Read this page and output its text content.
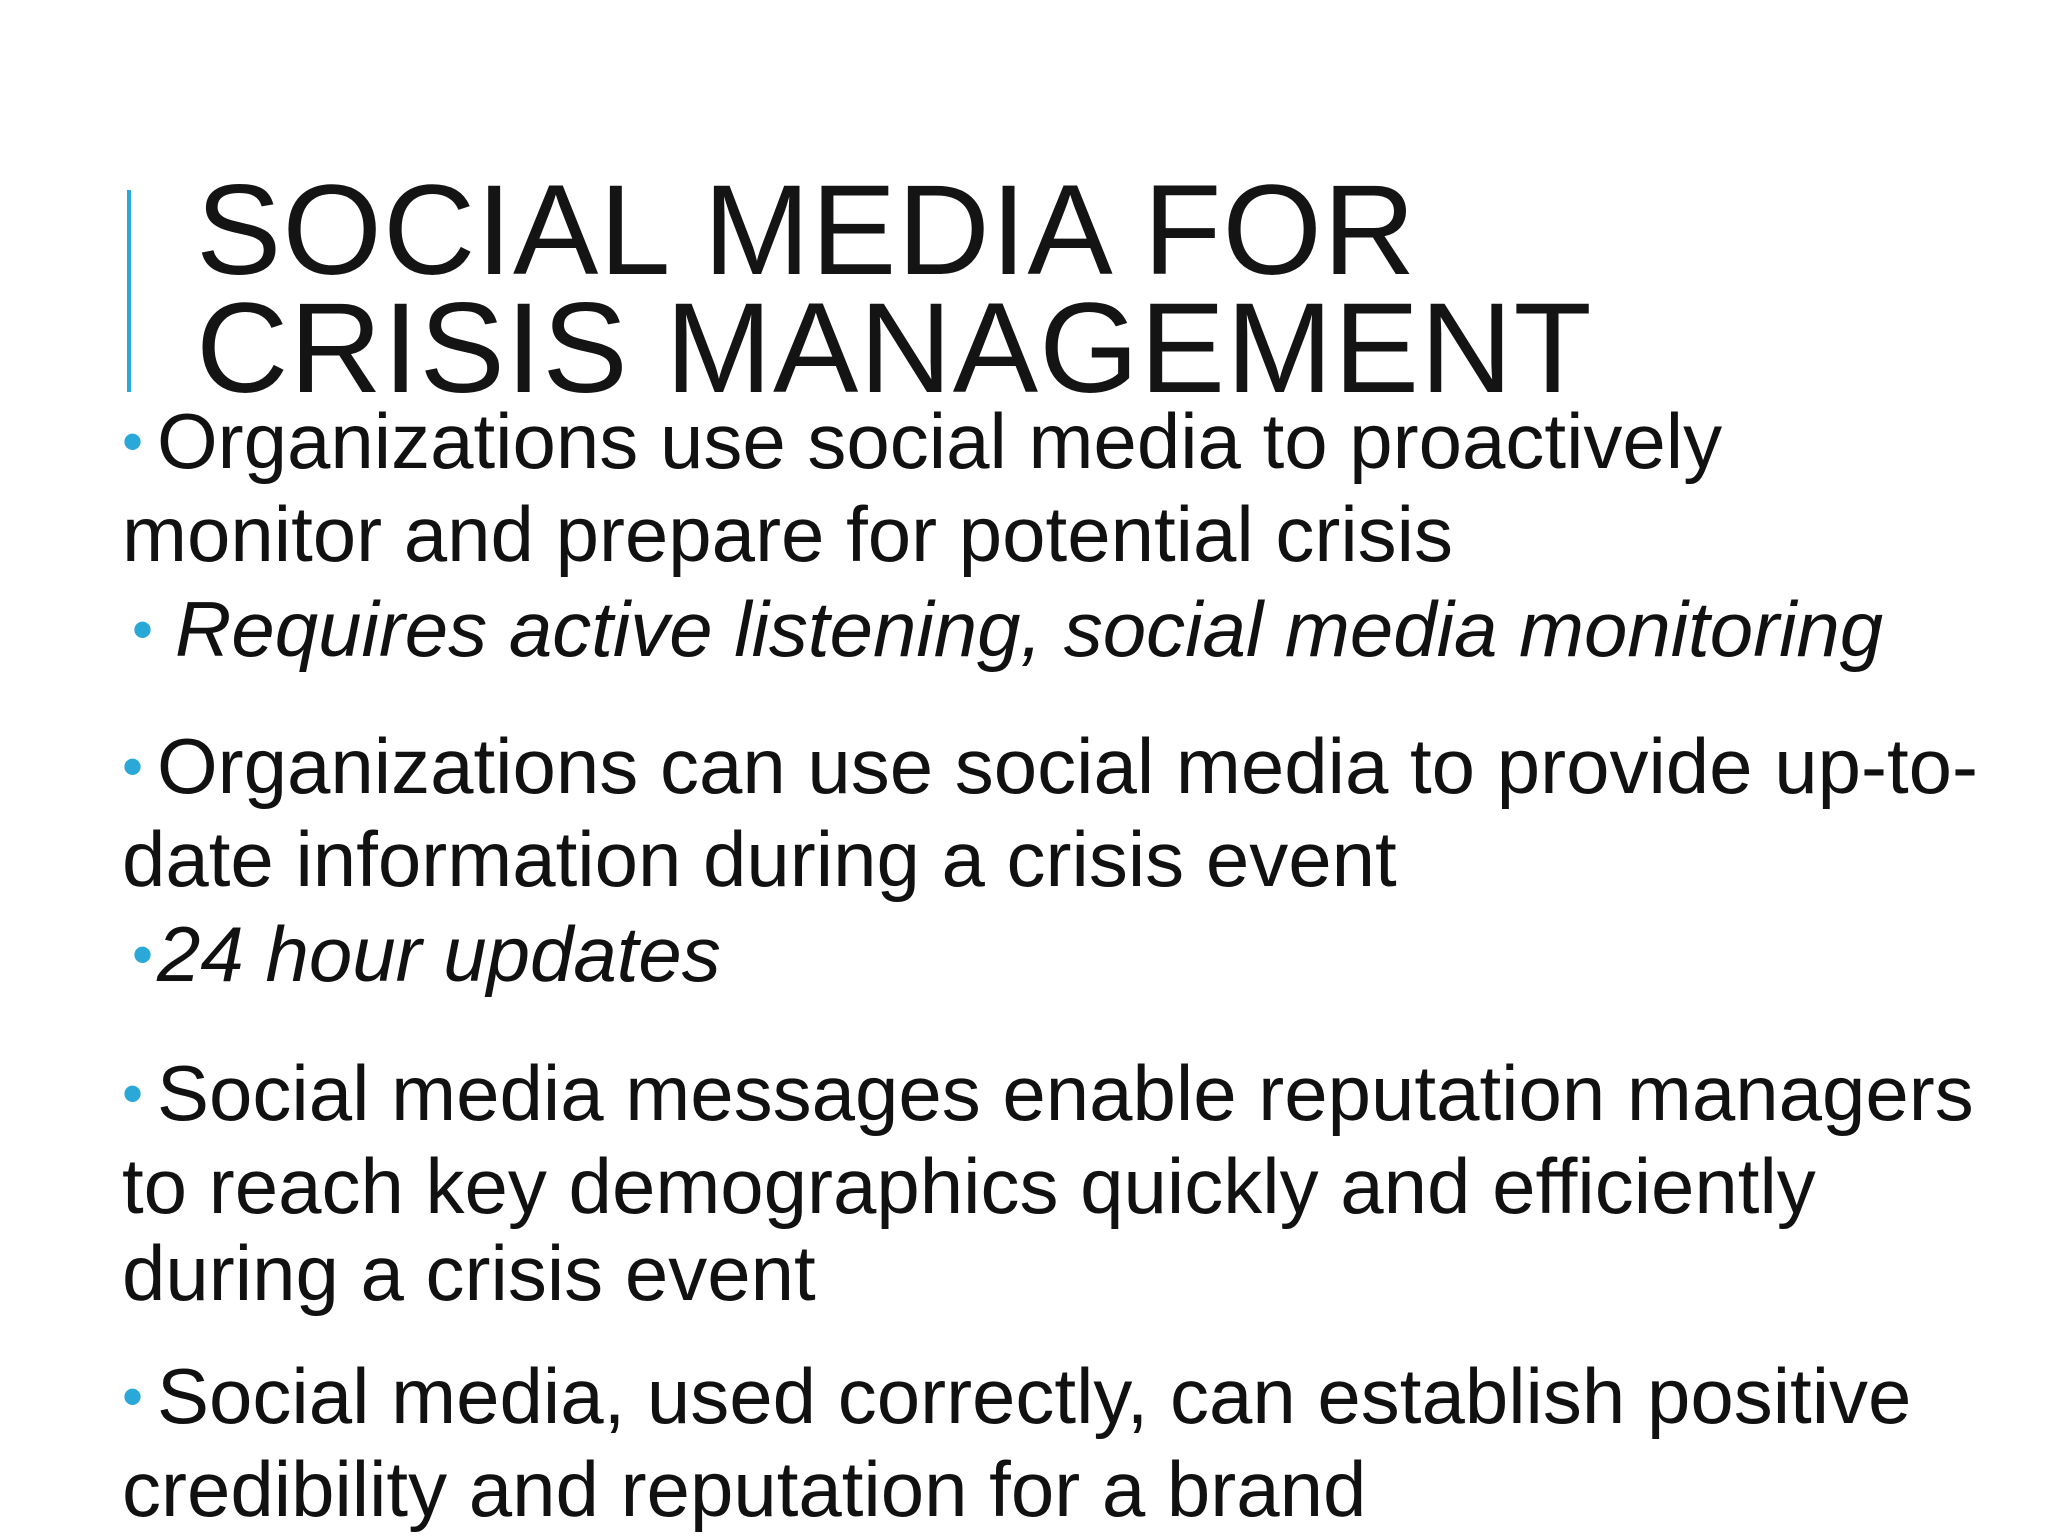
SOCIAL MEDIA FOR
CRISIS MANAGEMENT

• Organizations use social media to proactively monitor and prepare for potential crisis

• Requires active listening, social media monitoring

• Organizations can use social media to provide up-to-date information during a crisis event

•24 hour updates

• Social media messages enable reputation managers to reach key demographics quickly and efficiently during a crisis event

• Social media, used correctly, can establish positive credibility and reputation for a brand
